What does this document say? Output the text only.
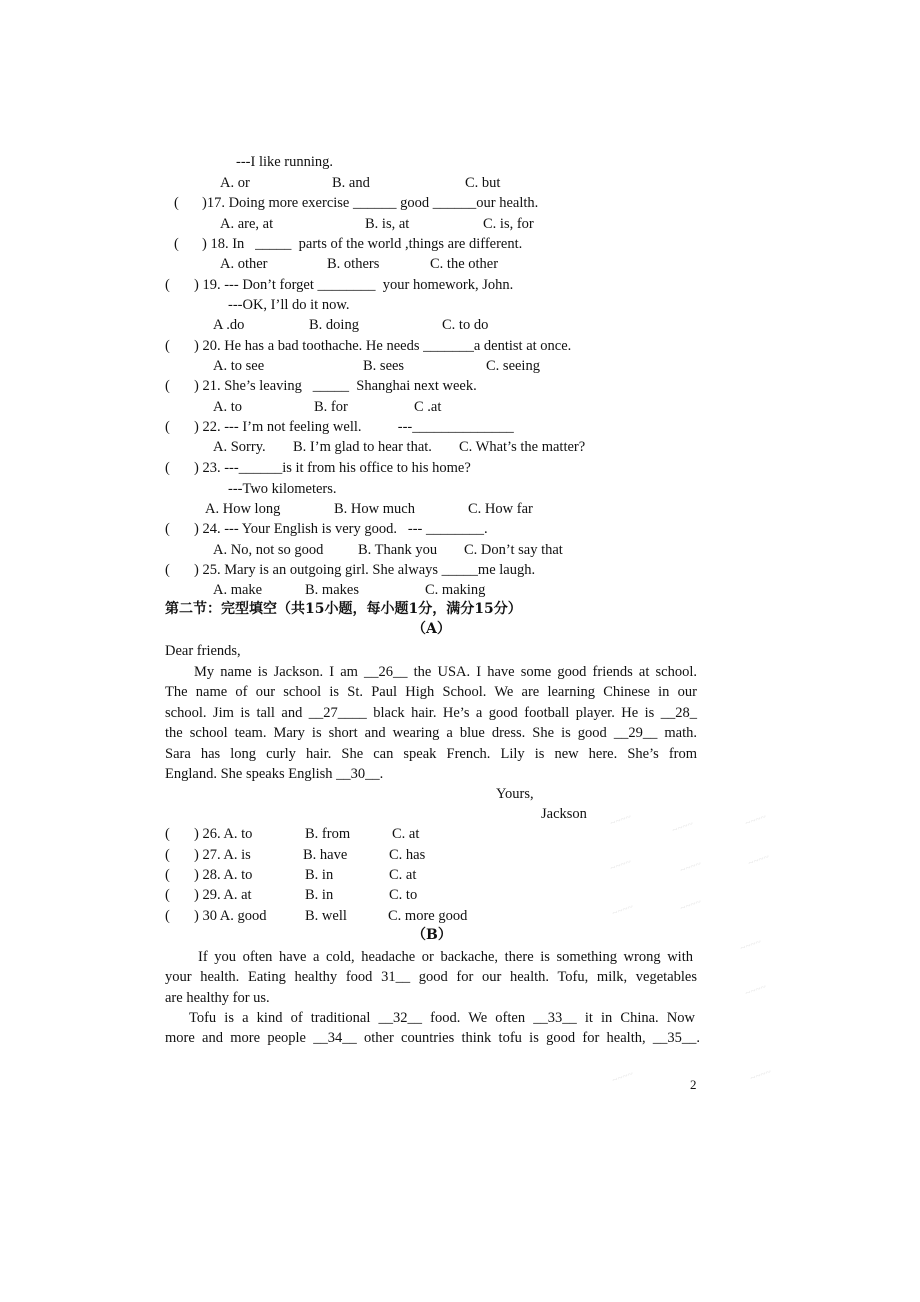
~~~~	~~~~	~~~~
~~~~	~~~~	~~~~
~~~~	~~~~
~~~~
~~~~
~~~~	~~~~
---I like running.
A. or	B. and	C. but
( )17. Doing more exercise ______ good ______our health.
A. are, at	B. is, at	C. is, for
( ) 18. In   _____  parts of the world ,things are different.
A. other	B. others	C. the other
( ) 19. --- Don’t forget ________  your homework, John.
---OK, I’ll do it now.
A .do	B. doing	C. to do
( ) 20. He has a bad toothache. He needs _______a dentist at once.
A. to see	B. sees	C. seeing
( ) 21. She’s leaving   _____  Shanghai next week.
A. to	B. for	C .at
( ) 22. --- I’m not feeling well.          ---______________
A. Sorry. B. I’m glad to hear that. C. What’s the matter?
( ) 23. ---______is it from his office to his home?
---Two kilometers.
A. How long	B. How much	C. How far
( ) 24. --- Your English is very good.   --- ________.
A. No, not so good B. Thank you C. Don’t say that
( ) 25. Mary is an outgoing girl. She always _____me laugh.
A. make	B. makes	C. making
第二节：完型填空（共15小题，每小题1分，满分15分）
（A）
Dear friends,
My name is Jackson. I am __26__ the USA. I have some good friends at school.
The name of our school is St. Paul High School. We are learning Chinese in our
school. Jim is tall and __27____ black hair. He’s a good football player. He is __28_
the school team. Mary is short and wearing a blue dress. She is good __29__ math.
Sara has long curly hair. She can speak French. Lily is new here. She’s from
England. She speaks English __30__.
Yours,
Jackson
( ) 26. A. to	B. from	C. at
( ) 27. A. is	B. have	C. has
( ) 28. A. to	B. in	C. at
( ) 29. A. at	B. in	C. to
( ) 30 A. good	B. well	C. more good
（B）
If you often have a cold, headache or backache, there is something wrong with
your health. Eating healthy food 31__ good for our health. Tofu, milk, vegetables
are healthy for us.
Tofu is a kind of traditional __32__ food. We often __33__ it in China. Now
more and more people __34__ other countries think tofu is good for health, __35__.
2
